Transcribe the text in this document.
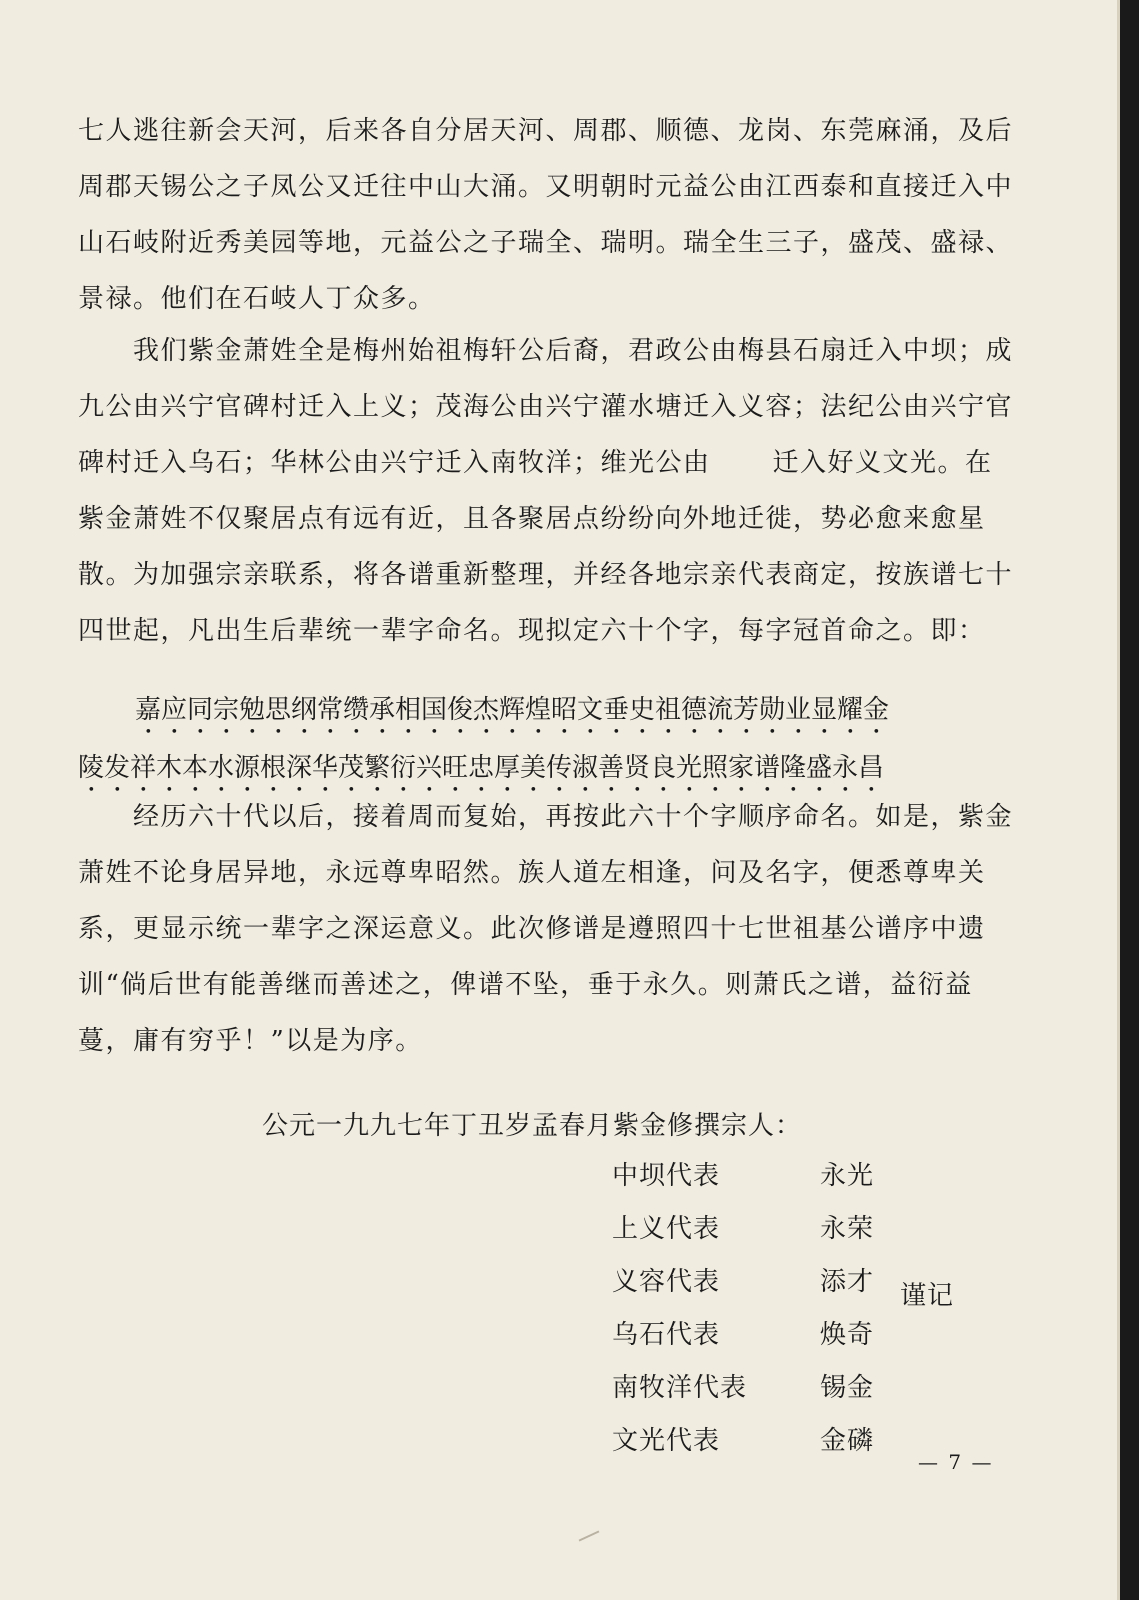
七人逃往新会天河，后来各自分居天河、周郡、顺德、龙岗、东莞麻涌，及后周郡天锡公之子凤公又迁往中山大涌。又明朝时元益公由江西泰和直接迁入中山石岐附近秀美园等地，元益公之子瑞全、瑞明。瑞全生三子，盛茂、盛禄、景禄。他们在石岐人丁众多。

我们紫金萧姓全是梅州始祖梅轩公后裔，君政公由梅县石扇迁入中坝；成九公由兴宁官碑村迁入上义；茂海公由兴宁灌水塘迁入义容；法纪公由兴宁官碑村迁入乌石；华林公由兴宁迁入南牧洋；维光公由 迁入好义文光。在紫金萧姓不仅聚居点有远有近，且各聚居点纷纷向外地迁徙，势必愈来愈星散。为加强宗亲联系，将各谱重新整理，并经各地宗亲代表商定，按族谱七十四世起，凡出生后辈统一辈字命名。现拟定六十个字，每字冠首命之。即：

嘉应同宗勉思纲常缵承相国俊杰辉煌昭文垂史祖德流芳勋业显耀金

陵发祥木本水源根深华茂繁衍兴旺忠厚美传淑善贤良光照家谱隆盛永昌

经历六十代以后，接着周而复始，再按此六十个字顺序命名。如是，紫金萧姓不论身居异地，永远尊卑昭然。族人道左相逢，问及名字，便悉尊卑关系，更显示统一辈字之深运意义。此次修谱是遵照四十七世祖基公谱序中遗训“倘后世有能善继而善述之，俾谱不坠，垂于永久。则萧氏之谱，益衍益蔓，庸有穷乎！”以是为序。

公元一九九七年丁丑岁孟春月紫金修撰宗人：
中坝代表	永光
上义代表	永荣
义容代表	添才
乌石代表	焕奇
南牧洋代表	锡金
文光代表	金磷
谨记
— 7 —
